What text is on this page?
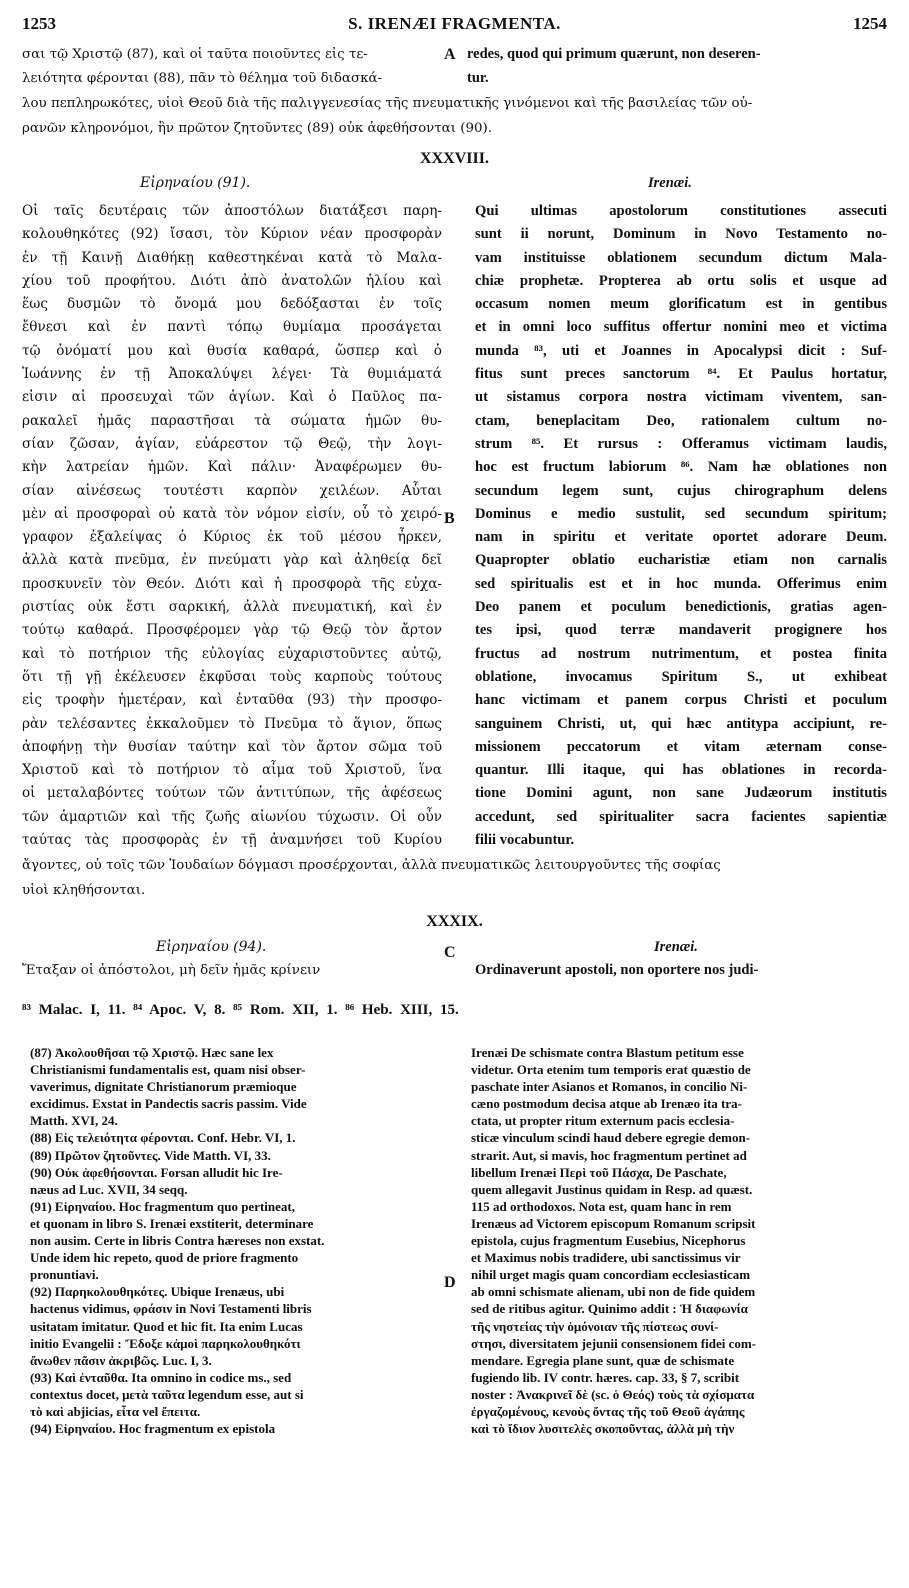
1253	S. IRENÆI FRAGMENTA.	1254
σαι τῷ Χριστῷ (87), καὶ οἱ ταῦτα ποιοῦντες εἰς τε-
λειότητα φέρονται (88), πᾶν τὸ θέλημα τοῦ διδασκά-
λου πεπληρωκότες, υἱοὶ Θεοῦ διὰ τῆς παλιγγενεσίας τῆς πνευματικῆς γινόμενοι καὶ τῆς βασιλείας τῶν οὐ-
ρανῶν κληρονόμοι, ἣν πρῶτον ζητοῦντες (89) οὐκ ἀφεθήσονται (90).
A redes, quod qui primum quærunt, non deseren-
tur.
XXXVIII.
Εἰρηναίου (91).	Irenæi.
Οἱ ταῖς δευτέραις τῶν ἀποστόλων διατάξεσι παρη-
κολουθηκότες (92) ἴσασι, τὸν Κύριον νέαν προσφορὰν
ἐν τῇ Καινῇ Διαθήκῃ καθεστηκέναι κατὰ τὸ Μαλα-
χίου τοῦ προφήτου. Διότι ἀπὸ ἀνατολῶν ἡλίου καὶ
ἕως δυσμῶν τὸ ὄνομά μου δεδόξασται ἐν τοῖς
ἔθνεσι καὶ ἐν παντὶ τόπῳ θυμίαμα προσάγεται
τῷ ὀνόματί μου καὶ θυσία καθαρά, ὥσπερ καὶ ὁ
Ἰωάννης ἐν τῇ Ἀποκαλύψει λέγει· Τὰ θυμιάματά
εἰσιν αἱ προσευχαὶ τῶν ἁγίων. Καὶ ὁ Παῦλος πα-
ρακαλεῖ ἡμᾶς παραστῆσαι τὰ σώματα ἡμῶν θυ-
σίαν ζῶσαν, ἁγίαν, εὐάρεστον τῷ Θεῷ, τὴν λογι-
κὴν λατρείαν ἡμῶν. Καὶ πάλιν· Ἀναφέρωμεν θυ-
σίαν αἰνέσεως τουτέστι καρπὸν χειλέων. Αὗται
μὲν αἱ προσφοραὶ οὐ κατὰ τὸν νόμον εἰσίν, οὗ τὸ χειρό-
γραφον ἐξαλείψας ὁ Κύριος ἐκ τοῦ μέσου ἦρκεν,
ἀλλὰ κατὰ πνεῦμα, ἐν πνεύματι γὰρ καὶ ἀληθείᾳ δεῖ
προσκυνεῖν τὸν Θεόν. Διότι καὶ ἡ προσφορὰ τῆς εὐχα-
ριστίας οὐκ ἔστι σαρκική, ἀλλὰ πνευματική, καὶ ἐν
τούτῳ καθαρά. Προσφέρομεν γὰρ τῷ Θεῷ τὸν ἄρτον
καὶ τὸ ποτήριον τῆς εὐλογίας εὐχαριστοῦντες αὐτῷ,
ὅτι τῇ γῇ ἐκέλευσεν ἐκφῦσαι τοὺς καρποὺς τούτους
εἰς τροφὴν ἡμετέραν, καὶ ἐνταῦθα (93) τὴν προσφο-
ρὰν τελέσαντες ἐκκαλοῦμεν τὸ Πνεῦμα τὸ ἅγιον, ὅπως
ἀποφήνῃ τὴν θυσίαν ταύτην καὶ τὸν ἄρτον σῶμα τοῦ
Χριστοῦ καὶ τὸ ποτήριον τὸ αἷμα τοῦ Χριστοῦ, ἵνα
οἱ μεταλαβόντες τούτων τῶν ἀντιτύπων, τῆς ἀφέσεως
τῶν ἁμαρτιῶν καὶ τῆς ζωῆς αἰωνίου τύχωσιν. Οἱ οὖν
ταύτας τὰς προσφορὰς ἐν τῇ ἀναμνήσει τοῦ Κυρίου
Qui ultimas apostolorum constitutiones assecuti
sunt ii norunt, Dominum in Novo Testamento no-
vam instituisse oblationem secundum dictum Mala-
chiæ prophetæ. Propterea ab ortu solis et usque ad
occasum nomen meum glorificatum est in gentibus
et in omni loco suffitus offertur nomini meo et victima
munda ⁸³, uti et Joannes in Apocalypsi dicit : Suf-
fitus sunt preces sanctorum ⁸⁴. Et Paulus hortatur,
ut sistamus corpora nostra victimam viventem, san-
ctam, beneplacitam Deo, rationalem cultum no-
strum ⁸⁵. Et rursus : Offeramus victimam laudis,
hoc est fructum labiorum ⁸⁶. Nam hæ oblationes non
secundum legem sunt, cujus chirographum delens
Dominus e medio sustulit, sed secundum spiritum;
nam in spiritu et veritate oportet adorare Deum.
Quapropter oblatio eucharistiæ etiam non carnalis
sed spiritualis est et in hoc munda. Offerimus enim
Deo panem et poculum benedictionis, gratias agen-
tes ipsi, quod terræ mandaverit progignere hos
fructus ad nostrum nutrimentum, et postea finita
oblatione, invocamus Spiritum S., ut exhibeat
hanc victimam et panem corpus Christi et poculum
sanguinem Christi, ut, qui hæc antitypa accipiunt, re-
missionem peccatorum et vitam æternam conse-
quantur. Illi itaque, qui has oblationes in recorda-
tione Domini agunt, non sane Judæorum institutis
accedunt, sed spiritualiter sacra facientes sapientiæ
filii vocabuntur.
B
ἄγοντες, οὐ τοῖς τῶν Ἰουδαίων δόγμασι προσέρχονται, ἀλλὰ πνευματικῶς λειτουργοῦντες τῆς σοφίας
υἱοὶ κληθήσονται.
XXXIX.
Εἰρηναίου (94).	C	Irenæi.
Ἔταξαν οἱ ἀπόστολοι, μὴ δεῖν ἡμᾶς κρίνειν	Ordinaverunt apostoli, non oportere nos judi-
⁸³ Malac. I, 11. ⁸⁴ Apoc. V, 8. ⁸⁵ Rom. XII, 1. ⁸⁶ Heb. XIII, 15.
(87) Ἀκολουθῆσαι τῷ Χριστῷ. Hæc sane lex
Christianismi fundamentalis est, quam nisi obser-
vaverimus, dignitate Christianorum præmioque
excidimus. Exstat in Pandectis sacris passim. Vide
Matth. XVI, 24.
(88) Εἰς τελειότητα φέρονται. Conf. Hebr. VI, 1.
(89) Πρῶτον ζητοῦντες. Vide Matth. VI, 33.
(90) Οὐκ ἀφεθήσονται. Forsan alludit hic Ire-
næus ad Luc. XVII, 34 seqq.
(91) Εἰρηναίου. Hoc fragmentum quo pertineat,
et quonam in libro S. Irenæi exstiterit, determinare
non ausim. Certe in libris Contra hæreses non exstat.
Unde idem hic repeto, quod de priore fragmento
pronuntiavi.
(92) Παρηκολουθηκότες. Ubique Irenæus, ubi
hactenus vidimus, φράσιν in Novi Testamenti libris
usitatam imitatur. Quod et hic fit. Ita enim Lucas
initio Evangelii : Ἔδοξε κἀμοὶ παρηκολουθηκότι
ἄνωθεν πᾶσιν ἀκριβῶς. Luc. I, 3.
(93) Καὶ ἐνταῦθα. Ita omnino in codice ms., sed
contextus docet, μετὰ ταῦτα legendum esse, aut si
τὸ καὶ abjicias, εἶτα vel ἔπειτα.
(94) Εἰρηναίου. Hoc fragmentum ex epistola
Irenæi De schismate contra Blastum petitum esse
videtur. Orta etenim tum temporis erat quæstio de
paschate inter Asianos et Romanos, in concilio Ni-
cæno postmodum decisa atque ab Irenæo ita tra-
ctata, ut propter ritum externum pacis ecclesia-
sticæ vinculum scindi haud debere egregie demon-
strarit. Aut, si mavis, hoc fragmentum pertinet ad
libellum Irenæi Περὶ τοῦ Πάσχα, De Paschate,
quem allegavit Justinus quidam in Resp. ad quæst.
115 ad orthodoxos. Nota est, quam hanc in rem
Irenæus ad Victorem episcopum Romanum scripsit
epistola, cujus fragmentum Eusebius, Nicephorus
et Maximus nobis tradidere, ubi sanctissimus vir
nihil urget magis quam concordiam ecclesiasticam
ab omni schismate alienam, ubi non de fide quidem
sed de ritibus agitur. Quinimo addit : Ἡ διαφωνία
τῆς νηστείας τὴν ὁμόνοιαν τῆς πίστεως συνί-
στησι, diversitatem jejunii consensionem fidei com-
mendare. Egregia plane sunt, quæ de schismate
fugiendo lib. IV contr. hæres. cap. 33, § 7, scribit
noster : Ἀνακρινεῖ δὲ (sc. ὁ Θεός) τοὺς τὰ σχίσματα
ἐργαζομένους, κενοὺς ὄντας τῆς τοῦ Θεοῦ ἀγάπης
καὶ τὸ ἴδιον λυσιτελὲς σκοποῦντας, ἀλλὰ μὴ τὴν
D
